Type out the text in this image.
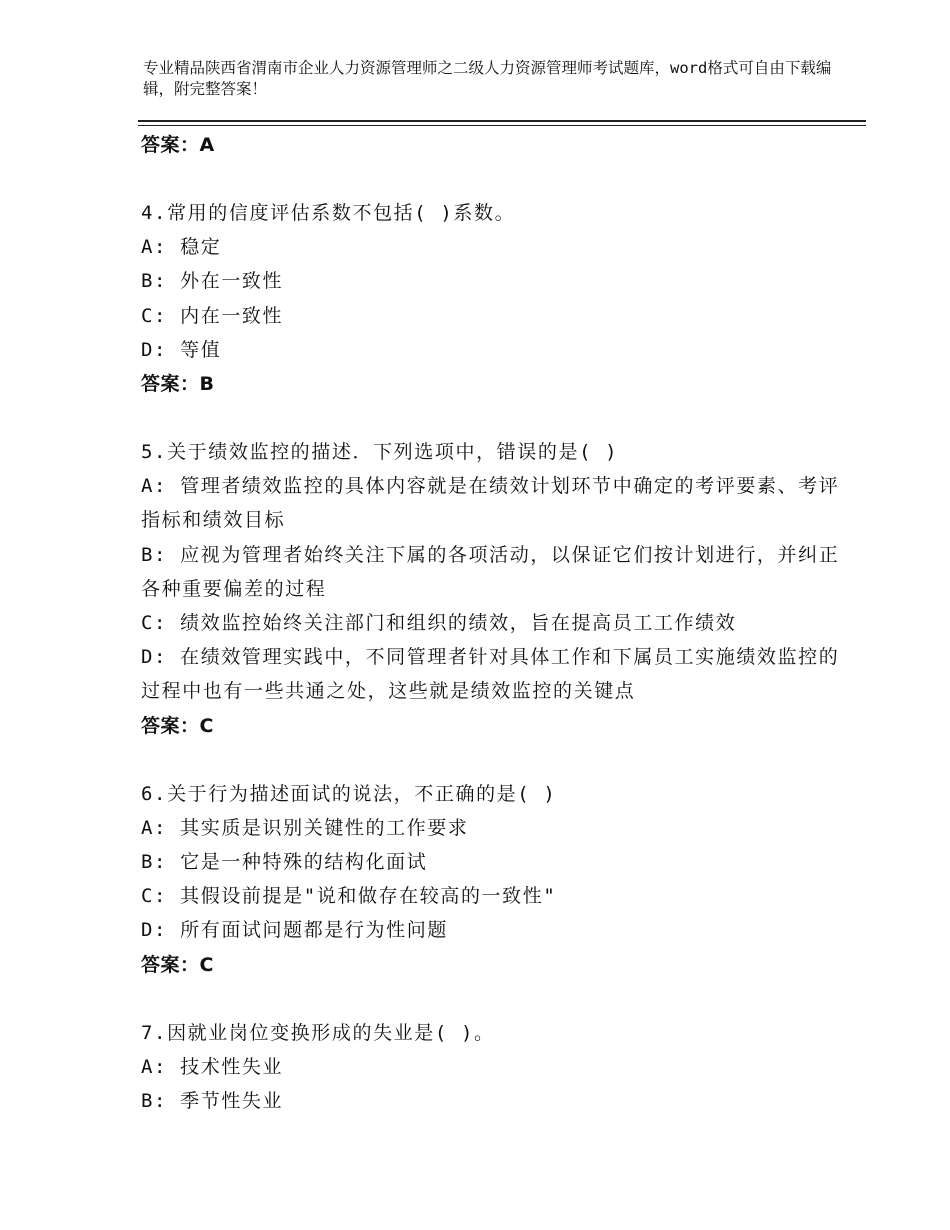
专业精品陕西省渭南市企业人力资源管理师之二级人力资源管理师考试题库，word格式可自由下载编辑，附完整答案！
答案：A
4.常用的信度评估系数不包括( )系数。
A: 稳定
B: 外在一致性
C: 内在一致性
D: 等值
答案：B
5.关于绩效监控的描述．下列选项中，错误的是( )
A: 管理者绩效监控的具体内容就是在绩效计划环节中确定的考评要素、考评指标和绩效目标
B: 应视为管理者始终关注下属的各项活动，以保证它们按计划进行，并纠正各种重要偏差的过程
C: 绩效监控始终关注部门和组织的绩效，旨在提高员工工作绩效
D: 在绩效管理实践中，不同管理者针对具体工作和下属员工实施绩效监控的过程中也有一些共通之处，这些就是绩效监控的关键点
答案：C
6.关于行为描述面试的说法，不正确的是( )
A: 其实质是识别关键性的工作要求
B: 它是一种特殊的结构化面试
C: 其假设前提是"说和做存在较高的一致性"
D: 所有面试问题都是行为性问题
答案：C
7.因就业岗位变换形成的失业是( )。
A: 技术性失业
B: 季节性失业
